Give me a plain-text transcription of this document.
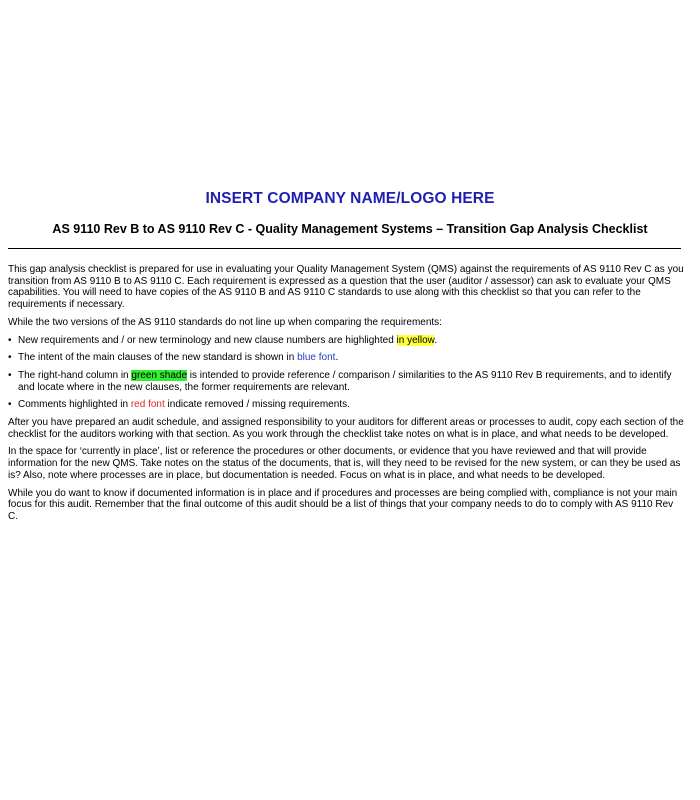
INSERT COMPANY NAME/LOGO HERE
AS 9110 Rev B to AS 9110 Rev C - Quality Management Systems – Transition Gap Analysis Checklist

This gap analysis checklist is prepared for use in evaluating your Quality Management System (QMS) against the requirements of AS 9110 Rev C as you transition from AS 9110 B to AS 9110 C. Each requirement is expressed as a question that the user (auditor / assessor) can ask to evaluate your QMS capabilities. You will need to have copies of the AS 9110 B and AS 9110 C standards to use along with this checklist so that you can refer to the requirements if necessary.

While the two versions of the AS 9110 standards do not line up when comparing the requirements:

• New requirements and / or new terminology and new clause numbers are highlighted in yellow.
• The intent of the main clauses of the new standard is shown in blue font.
• The right-hand column in green shade is intended to provide reference / comparison / similarities to the AS 9110 Rev B requirements, and to identify and locate where in the new clauses, the former requirements are relevant.
• Comments highlighted in red font indicate removed / missing requirements.

After you have prepared an audit schedule, and assigned responsibility to your auditors for different areas or processes to audit, copy each section of the checklist for the auditors working with that section. As you work through the checklist take notes on what is in place, and what needs to be developed.

In the space for ‘currently in place’, list or reference the procedures or other documents, or evidence that you have reviewed and that will provide information for the new QMS. Take notes on the status of the documents, that is, will they need to be revised for the new system, or can they be used as is? Also, note where processes are in place, but documentation is needed. Focus on what is in place, and what needs to be developed.

While you do want to know if documented information is in place and if procedures and processes are being complied with, compliance is not your main focus for this audit. Remember that the final outcome of this audit should be a list of things that your company needs to do to comply with AS 9110 Rev C.
